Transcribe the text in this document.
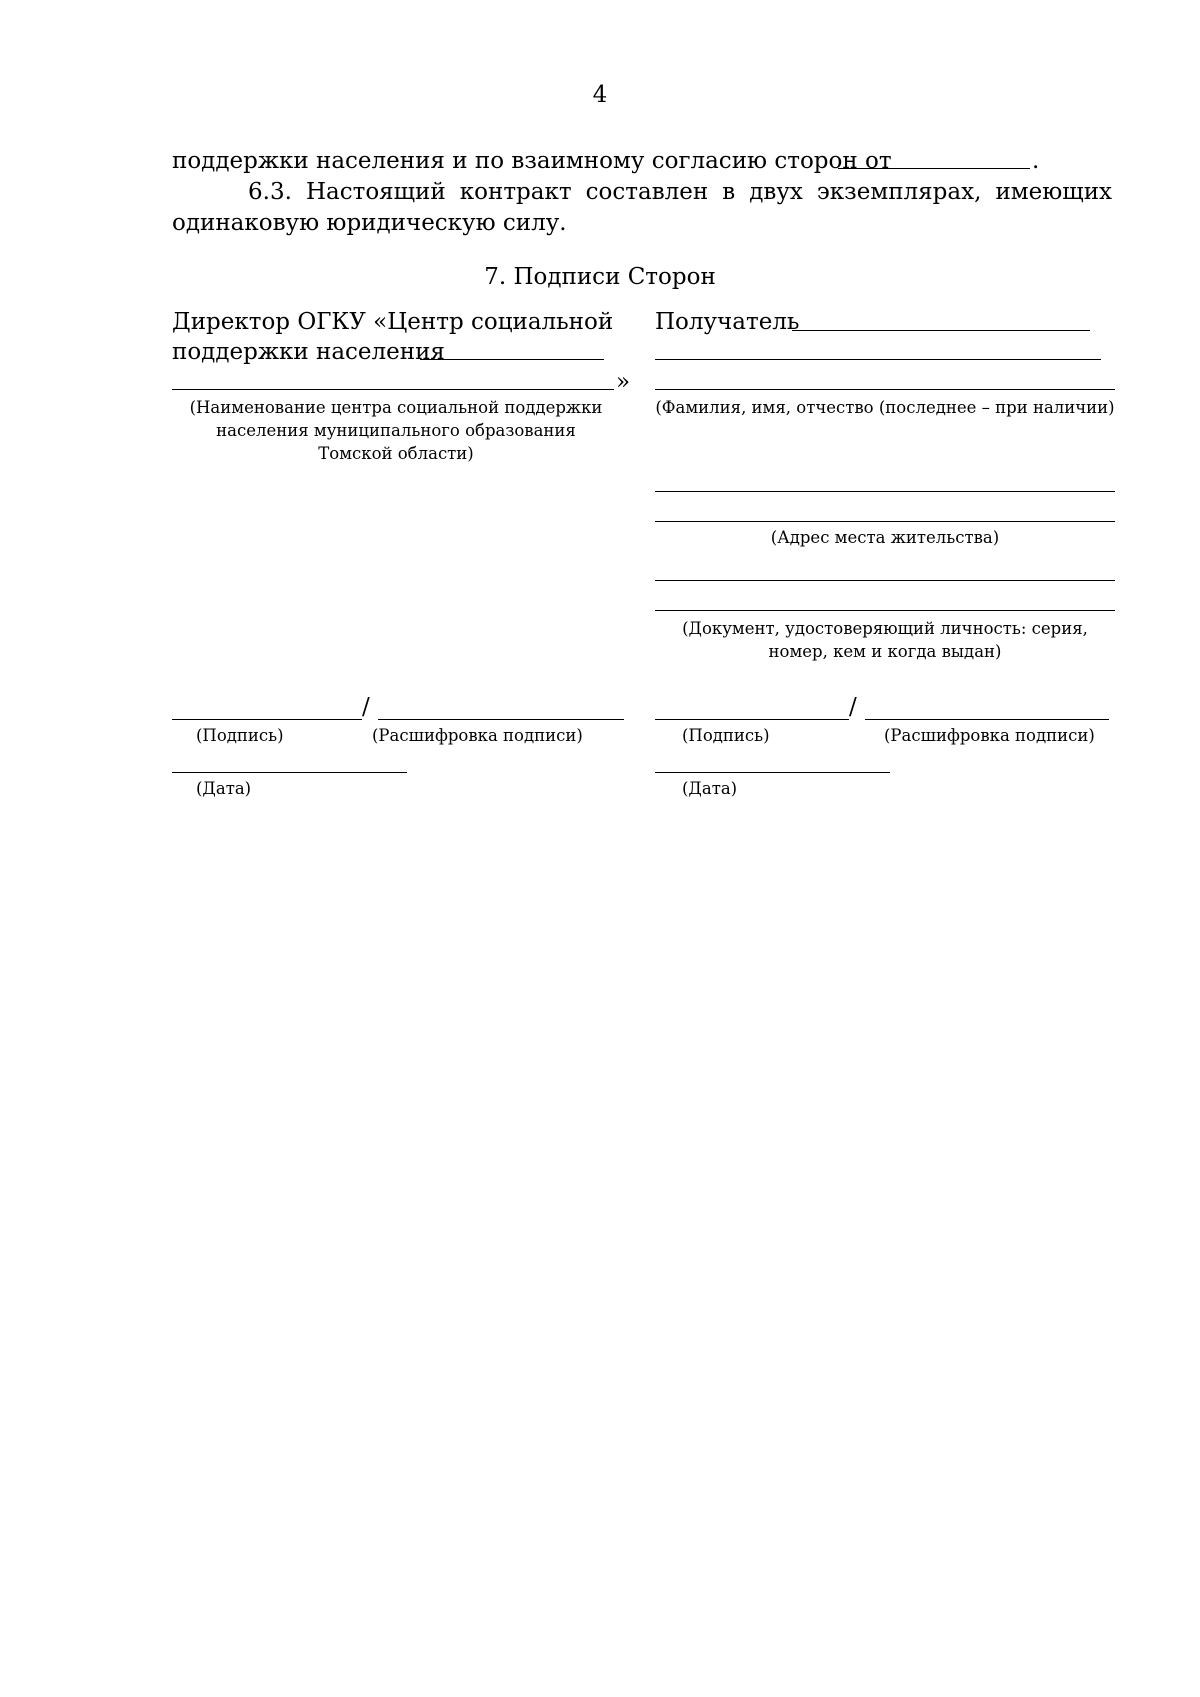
4
поддержки населения и по взаимному согласию сторон от	.
6.3. Настоящий контракт составлен в двух экземплярах, имеющих
одинаковую юридическую силу.
7. Подписи Сторон
Директор ОГКУ «Центр социальной
поддержки населения
»
(Наименование центра социальной поддержки населения муниципального образования Томской области)
/
(Подпись)	(Расшифровка подписи)
(Дата)
Получатель
(Фамилия, имя, отчество (последнее – при наличии)
(Адрес места жительства)
(Документ, удостоверяющий личность: серия, номер, кем и когда выдан)
/
(Подпись)	(Расшифровка подписи)
(Дата)
